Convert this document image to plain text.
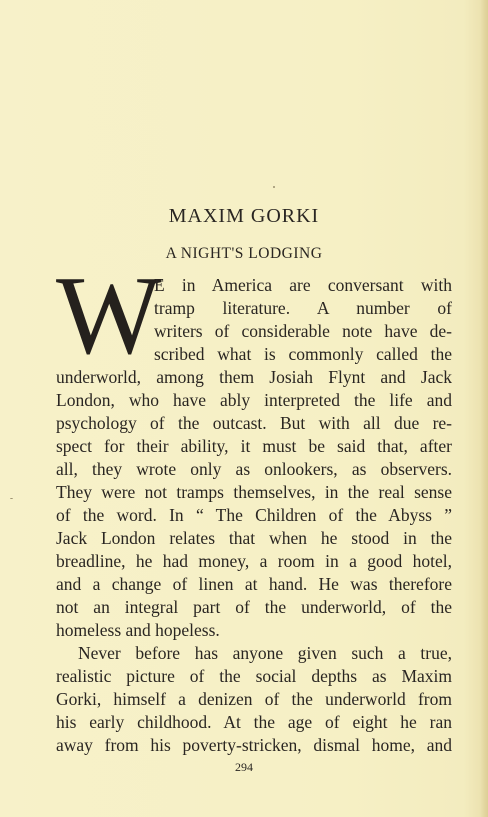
MAXIM GORKI
A NIGHT'S LODGING
W
E in America are conversant with
tramp literature. A number of
writers of considerable note have de-
scribed what is commonly called the
underworld, among them Josiah Flynt and Jack
London, who have ably interpreted the life and
psychology of the outcast. But with all due re-
spect for their ability, it must be said that, after
all, they wrote only as onlookers, as observers.
They were not tramps themselves, in the real sense
of the word. In “ The Children of the Abyss ”
Jack London relates that when he stood in the
breadline, he had money, a room in a good hotel,
and a change of linen at hand. He was therefore
not an integral part of the underworld, of the
homeless and hopeless.
Never before has anyone given such a true,
realistic picture of the social depths as Maxim
Gorki, himself a denizen of the underworld from
his early childhood. At the age of eight he ran
away from his poverty-stricken, dismal home, and
294
